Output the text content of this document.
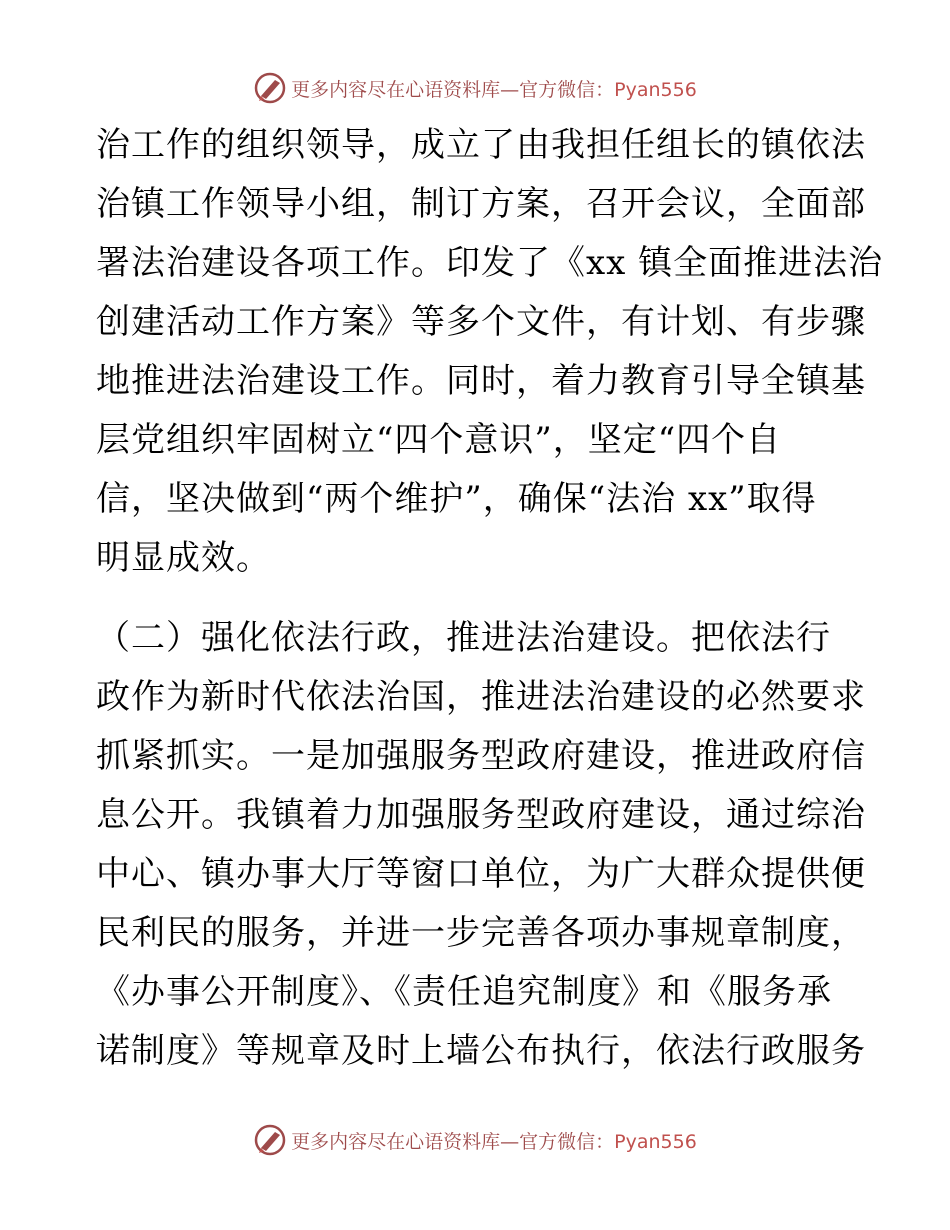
更多内容尽在心语资料库—官方微信：Pyan556
治工作的组织领导，成立了由我担任组长的镇依法
治镇工作领导小组，制订方案，召开会议，全面部
署法治建设各项工作。印发了《xx 镇全面推进法治
创建活动工作方案》等多个文件，有计划、有步骤
地推进法治建设工作。同时，着力教育引导全镇基
层党组织牢固树立“四个意识”，坚定“四个自
信，坚决做到“两个维护”，确保“法治 xx”取得
明显成效。
（二）强化依法行政，推进法治建设。把依法行
政作为新时代依法治国，推进法治建设的必然要求
抓紧抓实。一是加强服务型政府建设，推进政府信
息公开。我镇着力加强服务型政府建设，通过综治
中心、镇办事大厅等窗口单位，为广大群众提供便
民利民的服务，并进一步完善各项办事规章制度，
《办事公开制度》、《责任追究制度》和《服务承
诺制度》等规章及时上墙公布执行，依法行政服务
更多内容尽在心语资料库—官方微信：Pyan556
